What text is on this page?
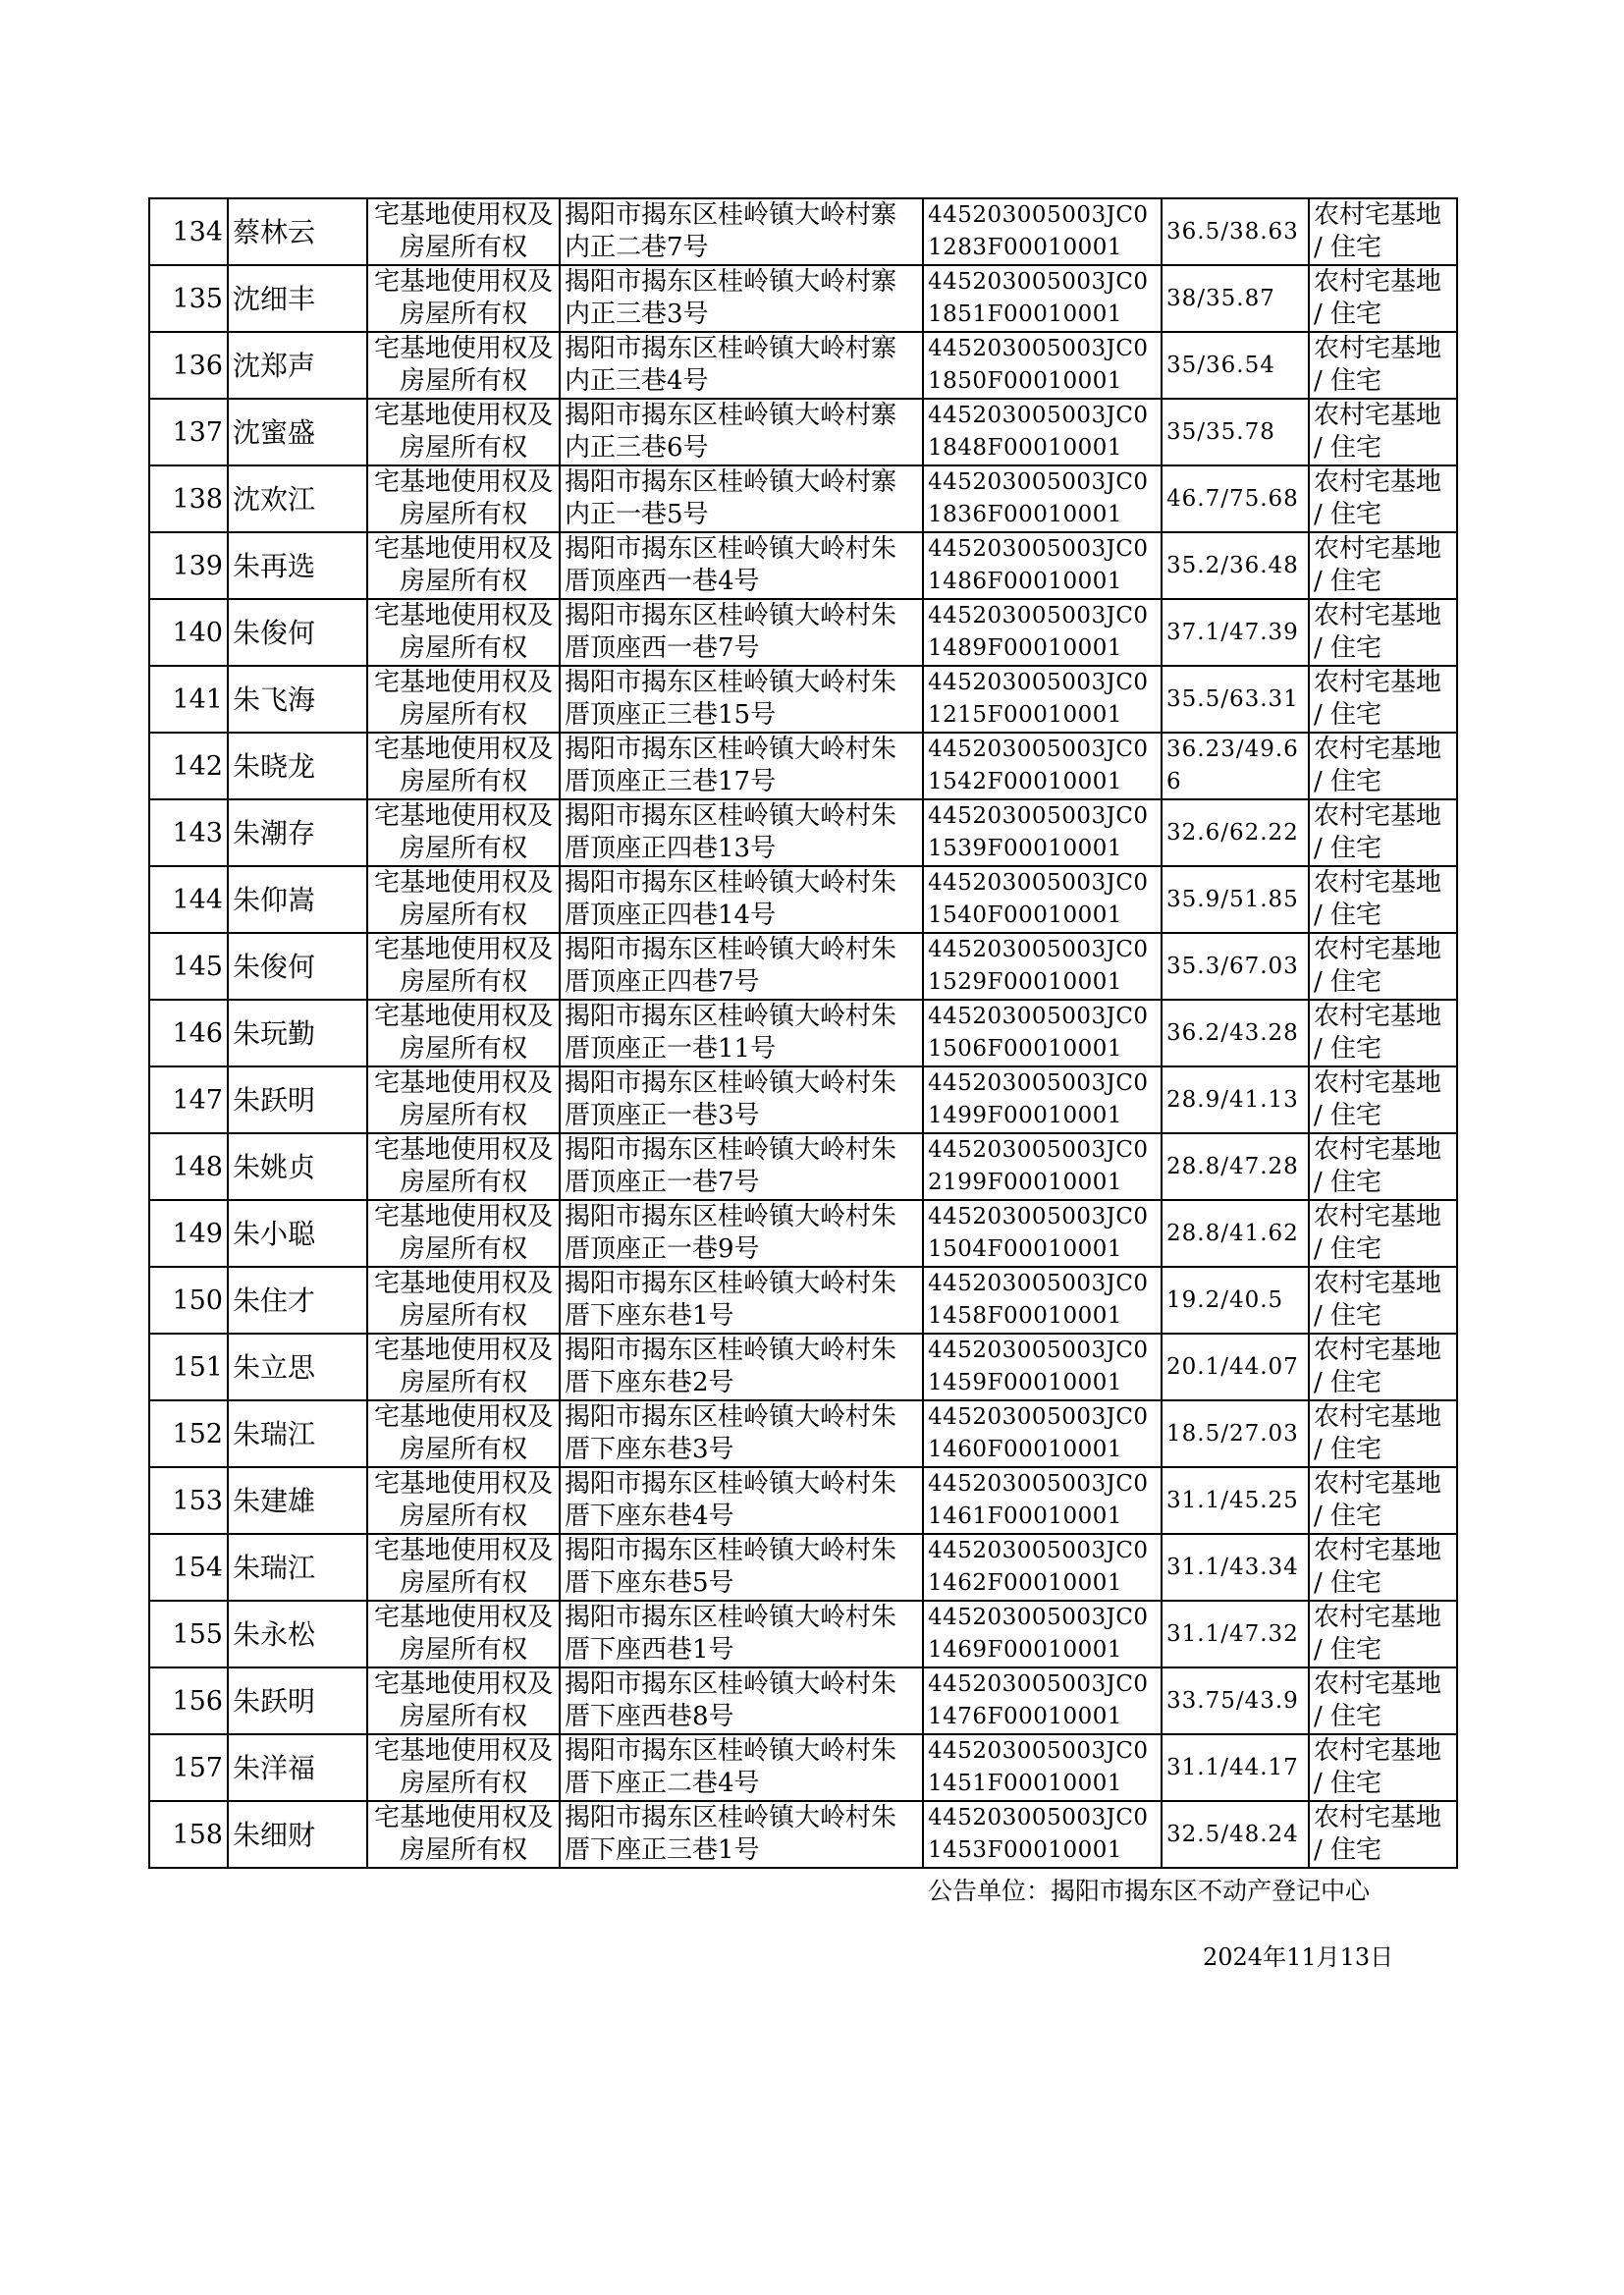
134	蔡林云	宅基地使用权及房屋所有权	揭阳市揭东区桂岭镇大岭村寨内正二巷7号	445203005003JC01283F00010001	36.5/38.63	农村宅基地 / 住宅
135	沈细丰	宅基地使用权及房屋所有权	揭阳市揭东区桂岭镇大岭村寨内正三巷3号	445203005003JC01851F00010001	38/35.87	农村宅基地 / 住宅
136	沈郑声	宅基地使用权及房屋所有权	揭阳市揭东区桂岭镇大岭村寨内正三巷4号	445203005003JC01850F00010001	35/36.54	农村宅基地 / 住宅
137	沈蜜盛	宅基地使用权及房屋所有权	揭阳市揭东区桂岭镇大岭村寨内正三巷6号	445203005003JC01848F00010001	35/35.78	农村宅基地 / 住宅
138	沈欢江	宅基地使用权及房屋所有权	揭阳市揭东区桂岭镇大岭村寨内正一巷5号	445203005003JC01836F00010001	46.7/75.68	农村宅基地 / 住宅
139	朱再选	宅基地使用权及房屋所有权	揭阳市揭东区桂岭镇大岭村朱厝顶座西一巷4号	445203005003JC01486F00010001	35.2/36.48	农村宅基地 / 住宅
140	朱俊何	宅基地使用权及房屋所有权	揭阳市揭东区桂岭镇大岭村朱厝顶座西一巷7号	445203005003JC01489F00010001	37.1/47.39	农村宅基地 / 住宅
141	朱飞海	宅基地使用权及房屋所有权	揭阳市揭东区桂岭镇大岭村朱厝顶座正三巷15号	445203005003JC01215F00010001	35.5/63.31	农村宅基地 / 住宅
142	朱晓龙	宅基地使用权及房屋所有权	揭阳市揭东区桂岭镇大岭村朱厝顶座正三巷17号	445203005003JC01542F00010001	36.23/49.66	农村宅基地 / 住宅
143	朱潮存	宅基地使用权及房屋所有权	揭阳市揭东区桂岭镇大岭村朱厝顶座正四巷13号	445203005003JC01539F00010001	32.6/62.22	农村宅基地 / 住宅
144	朱仰嵩	宅基地使用权及房屋所有权	揭阳市揭东区桂岭镇大岭村朱厝顶座正四巷14号	445203005003JC01540F00010001	35.9/51.85	农村宅基地 / 住宅
145	朱俊何	宅基地使用权及房屋所有权	揭阳市揭东区桂岭镇大岭村朱厝顶座正四巷7号	445203005003JC01529F00010001	35.3/67.03	农村宅基地 / 住宅
146	朱玩勤	宅基地使用权及房屋所有权	揭阳市揭东区桂岭镇大岭村朱厝顶座正一巷11号	445203005003JC01506F00010001	36.2/43.28	农村宅基地 / 住宅
147	朱跃明	宅基地使用权及房屋所有权	揭阳市揭东区桂岭镇大岭村朱厝顶座正一巷3号	445203005003JC01499F00010001	28.9/41.13	农村宅基地 / 住宅
148	朱姚贞	宅基地使用权及房屋所有权	揭阳市揭东区桂岭镇大岭村朱厝顶座正一巷7号	445203005003JC02199F00010001	28.8/47.28	农村宅基地 / 住宅
149	朱小聪	宅基地使用权及房屋所有权	揭阳市揭东区桂岭镇大岭村朱厝顶座正一巷9号	445203005003JC01504F00010001	28.8/41.62	农村宅基地 / 住宅
150	朱住才	宅基地使用权及房屋所有权	揭阳市揭东区桂岭镇大岭村朱厝下座东巷1号	445203005003JC01458F00010001	19.2/40.5	农村宅基地 / 住宅
151	朱立思	宅基地使用权及房屋所有权	揭阳市揭东区桂岭镇大岭村朱厝下座东巷2号	445203005003JC01459F00010001	20.1/44.07	农村宅基地 / 住宅
152	朱瑞江	宅基地使用权及房屋所有权	揭阳市揭东区桂岭镇大岭村朱厝下座东巷3号	445203005003JC01460F00010001	18.5/27.03	农村宅基地 / 住宅
153	朱建雄	宅基地使用权及房屋所有权	揭阳市揭东区桂岭镇大岭村朱厝下座东巷4号	445203005003JC01461F00010001	31.1/45.25	农村宅基地 / 住宅
154	朱瑞江	宅基地使用权及房屋所有权	揭阳市揭东区桂岭镇大岭村朱厝下座东巷5号	445203005003JC01462F00010001	31.1/43.34	农村宅基地 / 住宅
155	朱永松	宅基地使用权及房屋所有权	揭阳市揭东区桂岭镇大岭村朱厝下座西巷1号	445203005003JC01469F00010001	31.1/47.32	农村宅基地 / 住宅
156	朱跃明	宅基地使用权及房屋所有权	揭阳市揭东区桂岭镇大岭村朱厝下座西巷8号	445203005003JC01476F00010001	33.75/43.9	农村宅基地 / 住宅
157	朱洋福	宅基地使用权及房屋所有权	揭阳市揭东区桂岭镇大岭村朱厝下座正二巷4号	445203005003JC01451F00010001	31.1/44.17	农村宅基地 / 住宅
158	朱细财	宅基地使用权及房屋所有权	揭阳市揭东区桂岭镇大岭村朱厝下座正三巷1号	445203005003JC01453F00010001	32.5/48.24	农村宅基地 / 住宅
公告单位：揭阳市揭东区不动产登记中心
2024年11月13日
